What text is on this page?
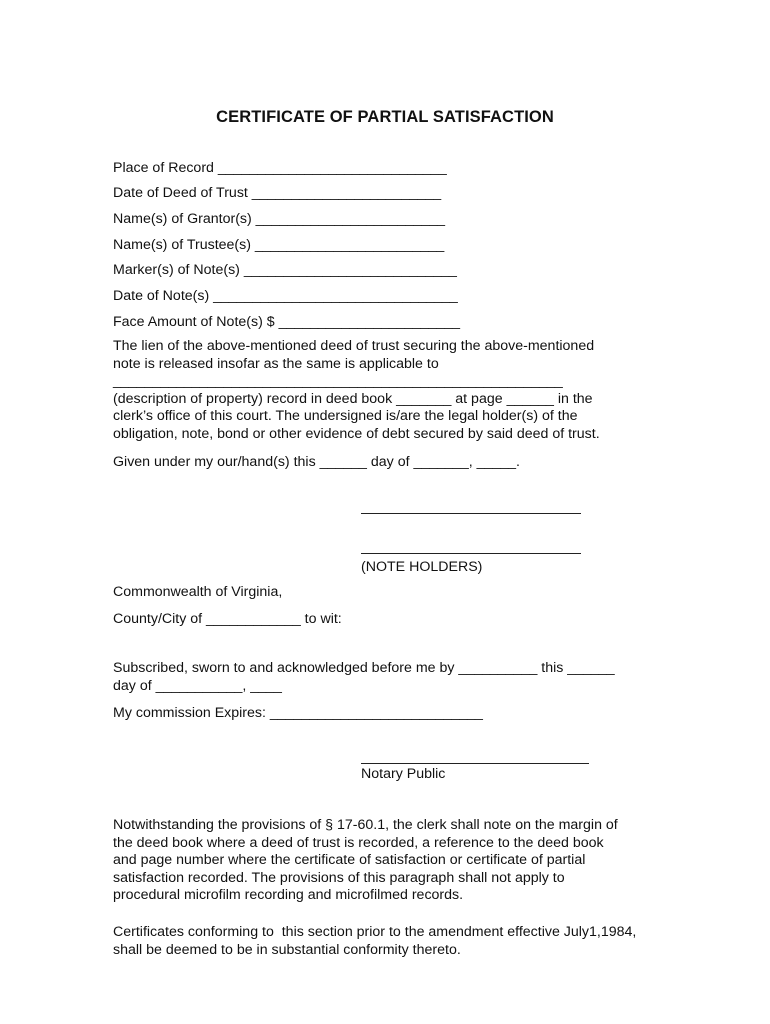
CERTIFICATE OF PARTIAL SATISFACTION
Place of Record _____________________________
Date of Deed of Trust ________________________
Name(s) of Grantor(s) ________________________
Name(s) of Trustee(s) ________________________
Marker(s) of Note(s) ___________________________
Date of Note(s) _______________________________
Face Amount of Note(s) $ _______________________
The lien of the above-mentioned deed of trust securing the above-mentioned
note is released insofar as the same is applicable to
_________________________________________________________
(description of property) record in deed book _______ at page ______ in the
clerk’s office of this court. The undersigned is/are the legal holder(s) of the
obligation, note, bond or other evidence of debt secured by said deed of trust.
Given under my our/hand(s) this ______ day of _______, _____.
(NOTE HOLDERS)
Commonwealth of Virginia,
County/City of ____________ to wit:
Subscribed, sworn to and acknowledged before me by __________ this ______
day of ___________, ____
My commission Expires: ___________________________
Notary Public
Notwithstanding the provisions of § 17-60.1, the clerk shall note on the margin of
the deed book where a deed of trust is recorded, a reference to the deed book
and page number where the certificate of satisfaction or certificate of partial
satisfaction recorded. The provisions of this paragraph shall not apply to
procedural microfilm recording and microfilmed records.
Certificates conforming to  this section prior to the amendment effective July1,1984,
shall be deemed to be in substantial conformity thereto.
